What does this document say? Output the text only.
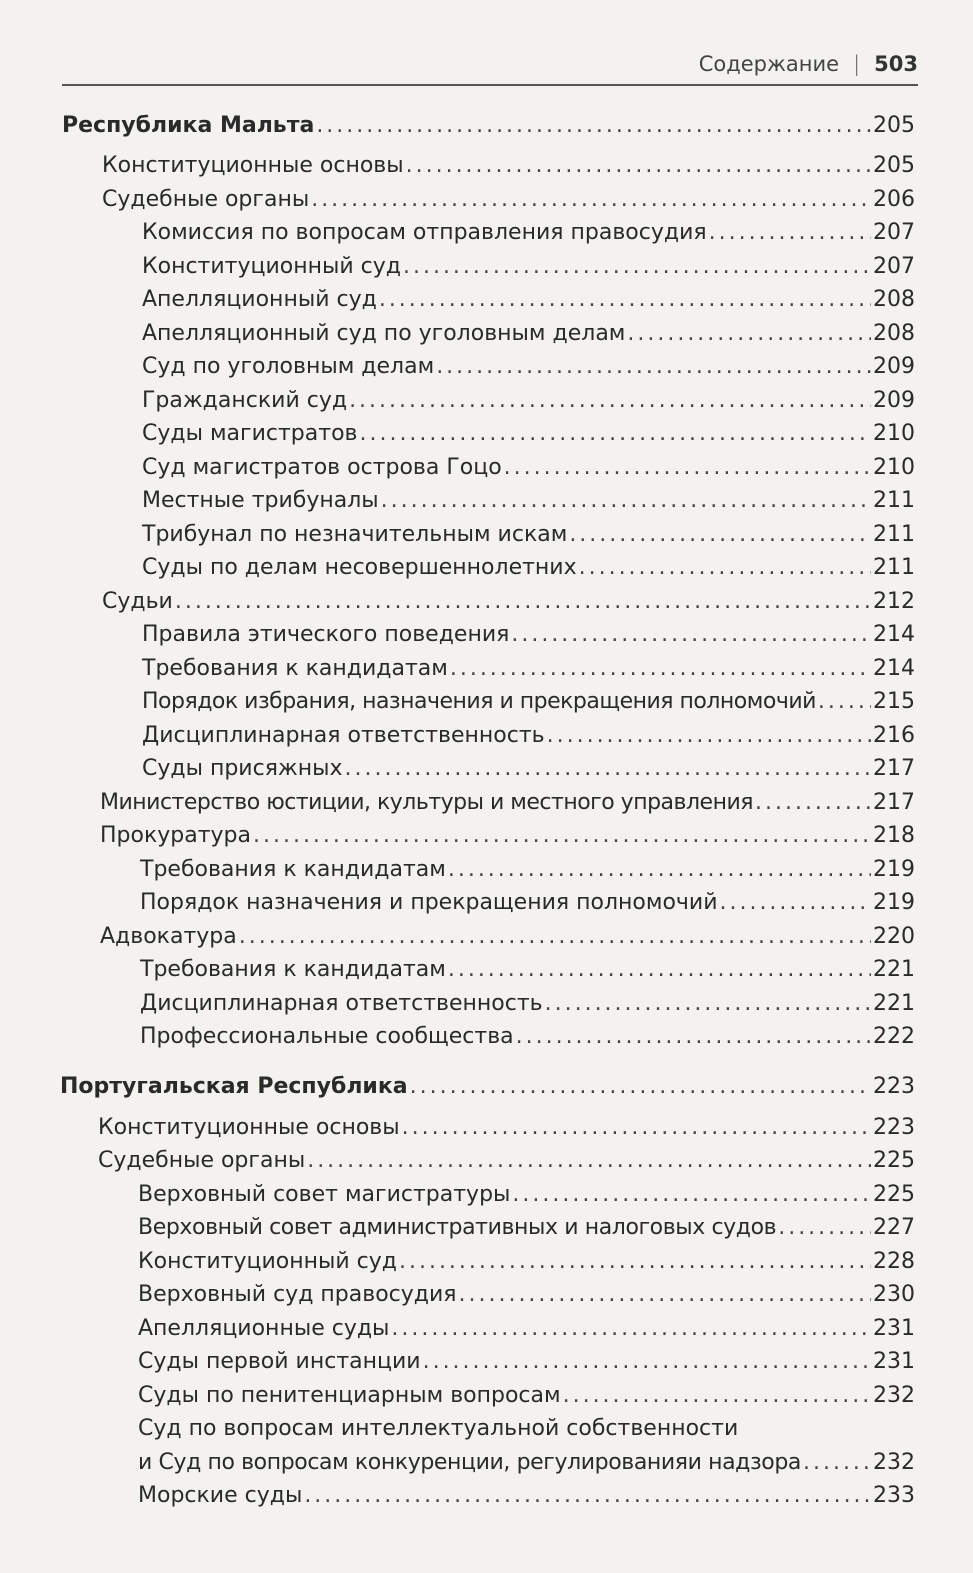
Содержание | 503
Республика Мальта . . .	205
Конституционные основы . . .	205
Судебные органы . . .	206
Комиссия по вопросам отправления правосудия . . .	207
Конституционный суд . . .	207
Апелляционный суд . . .	208
Апелляционный суд по уголовным делам . . .	208
Суд по уголовным делам . . .	209
Гражданский суд . . .	209
Суды магистратов . . .	210
Суд магистратов острова Гоцо . . .	210
Местные трибуналы . . .	211
Трибунал по незначительным искам . . .	211
Суды по делам несовершеннолетних . . .	211
Судьи . . .	212
Правила этического поведения . . .	214
Требования к кандидатам . . .	214
Порядок избрания, назначения и прекращения полномочий . . .	215
Дисциплинарная ответственность . . .	216
Суды присяжных . . .	217
Министерство юстиции, культуры и местного управления . . .	217
Прокуратура . . .	218
Требования к кандидатам . . .	219
Порядок назначения и прекращения полномочий . . .	219
Адвокатура . . .	220
Требования к кандидатам . . .	221
Дисциплинарная ответственность . . .	221
Профессиональные сообщества . . .	222
Португальская Республика . . .	223
Конституционные основы . . .	223
Судебные органы . . .	225
Верховный совет магистратуры . . .	225
Верховный совет административных и налоговых судов . . .	227
Конституционный суд . . .	228
Верховный суд правосудия . . .	230
Апелляционные суды . . .	231
Суды первой инстанции . . .	231
Суды по пенитенциарным вопросам . . .	232
Суд по вопросам интеллектуальной собственности
и Суд по вопросам конкуренции, регулированияи надзора . . .	232
Морские суды . . .	233
